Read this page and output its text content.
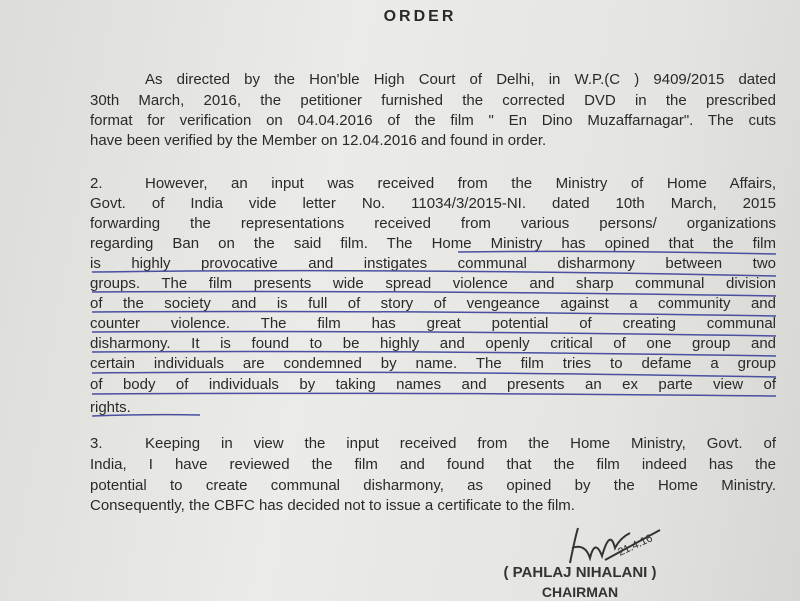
ORDER
As directed by the Hon'ble High Court of Delhi, in W.P.(C ) 9409/2015 dated
30th March, 2016, the petitioner furnished the corrected DVD in the prescribed
format for verification on 04.04.2016 of the film " En Dino Muzaffarnagar". The cuts
have been verified by the Member on 12.04.2016 and found in order.
2.	However, an input was received from the Ministry of Home Affairs,
Govt. of India vide letter No. 11034/3/2015-NI. dated 10th March, 2015
forwarding the representations received from various persons/ organizations
regarding Ban on the said film. The Home Ministry has opined that the film
is highly provocative and instigates communal disharmony between two
groups. The film presents wide spread violence and sharp communal division
of the society and is full of story of vengeance against a community and
counter violence. The film has great potential of creating communal
disharmony. It is found to be highly and openly critical of one group and
certain individuals are condemned by name. The film tries to defame a group
of body of individuals by taking names and presents an ex parte view of
rights.
3.	Keeping in view the input received from the Home Ministry, Govt. of
India, I have reviewed the film and found that the film indeed has the
potential to create communal disharmony, as opined by the Home Ministry.
Consequently, the CBFC has decided not to issue a certificate to the film.
21.4.16
( PAHLAJ NIHALANI )
CHAIRMAN
